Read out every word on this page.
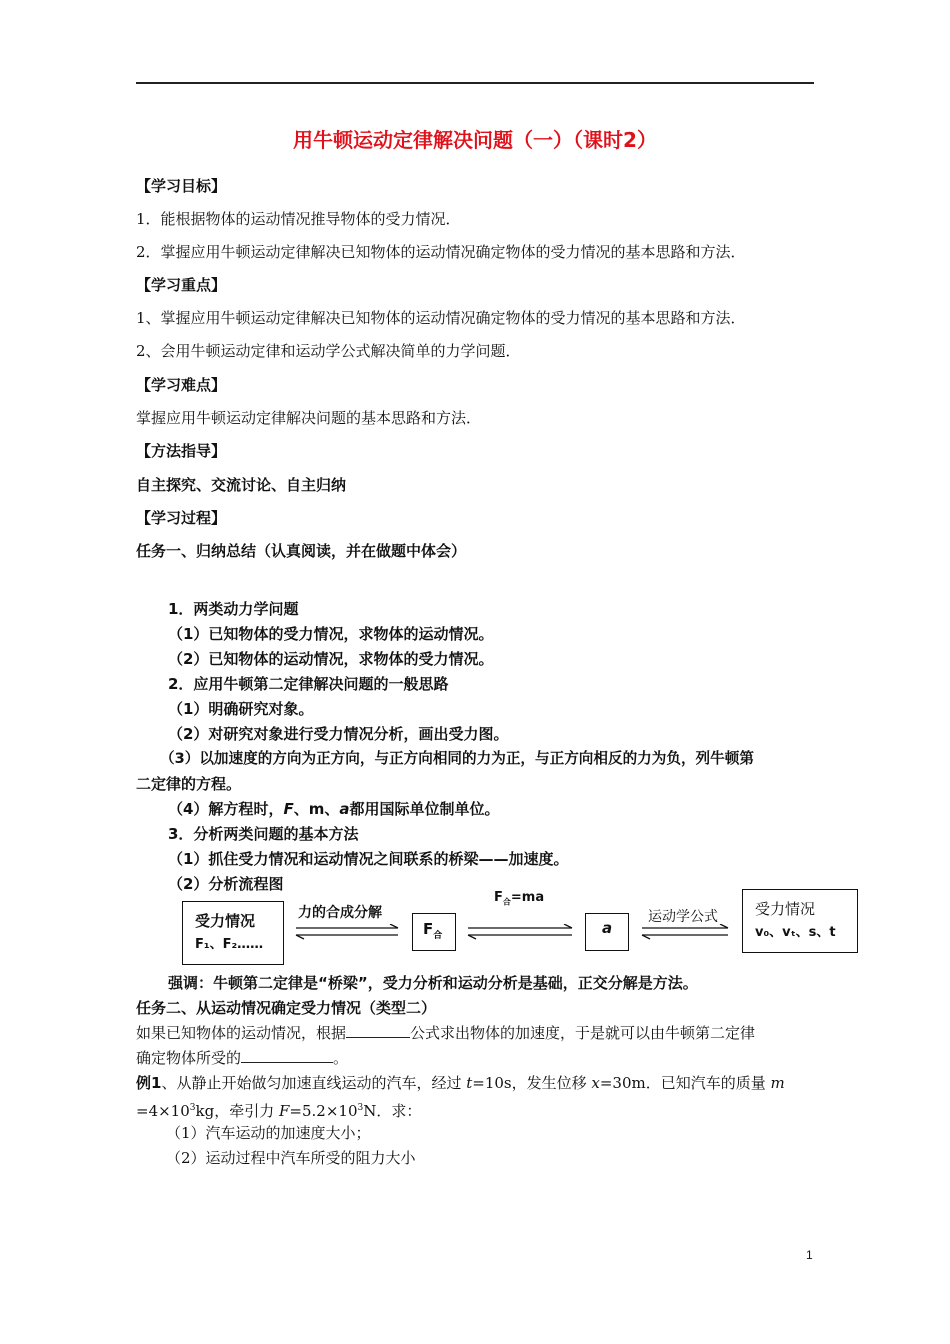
用牛顿运动定律解决问题（一）（课时2）
【学习目标】
1．能根据物体的运动情况推导物体的受力情况．
2．掌握应用牛顿运动定律解决已知物体的运动情况确定物体的受力情况的基本思路和方法．
【学习重点】
1、掌握应用牛顿运动定律解决已知物体的运动情况确定物体的受力情况的基本思路和方法．
2、会用牛顿运动定律和运动学公式解决简单的力学问题．
【学习难点】
掌握应用牛顿运动定律解决问题的基本思路和方法．
【方法指导】
自主探究、交流讨论、自主归纳
【学习过程】
任务一、归纳总结（认真阅读，并在做题中体会）
1．两类动力学问题
（1）已知物体的受力情况，求物体的运动情况。
（2）已知物体的运动情况，求物体的受力情况。
2．应用牛顿第二定律解决问题的一般思路
（1）明确研究对象。
（2）对研究对象进行受力情况分析，画出受力图。
（3）以加速度的方向为正方向，与正方向相同的力为正，与正方向相反的力为负，列牛顿第
二定律的方程。
（4）解方程时，F、m、a都用国际单位制单位。
3．分析两类问题的基本方法
（1）抓住受力情况和运动情况之间联系的桥梁——加速度。
（2）分析流程图
受力情况
F₁、F₂……
力的合成分解
$F_合$
$F_合=ma$
a
运动学公式 受力情况
v₀、vₜ、s、t
强调：牛顿第二定律是“桥梁”，受力分析和运动分析是基础，正交分解是方法。
任务二、从运动情况确定受力情况（类型二）
如果已知物体的运动情况，根据	公式求出物体的加速度，于是就可以由牛顿第二定律
确定物体所受的	。
例1、从静止开始做匀加速直线运动的汽车，经过 t=10s，发生位移 x=30m．已知汽车的质量 m
$=4\times 10^3kg$，牵引力 $F=5.2\times 10^3N$．求：
（1）汽车运动的加速度大小；
（2）运动过程中汽车所受的阻力大小
1
